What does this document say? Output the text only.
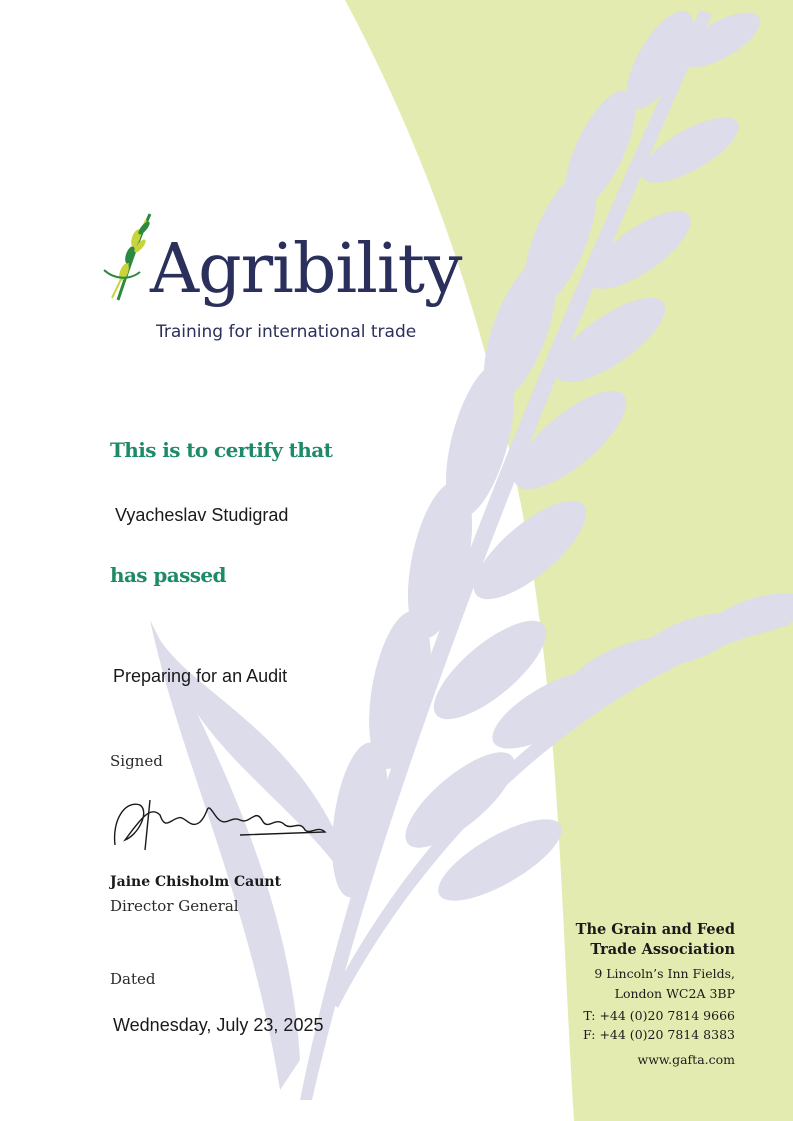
Agribility
Training for international trade
This is to certify that
Vyacheslav Studigrad
has passed
Preparing for an Audit
Signed
Jaine Chisholm Caunt
Director General
Dated
Wednesday, July 23, 2025
The Grain and Feed
Trade Association
9 Lincoln’s Inn Fields,
London WC2A 3BP
T: +44 (0)20 7814 9666
F: +44 (0)20 7814 8383
www.gafta.com
